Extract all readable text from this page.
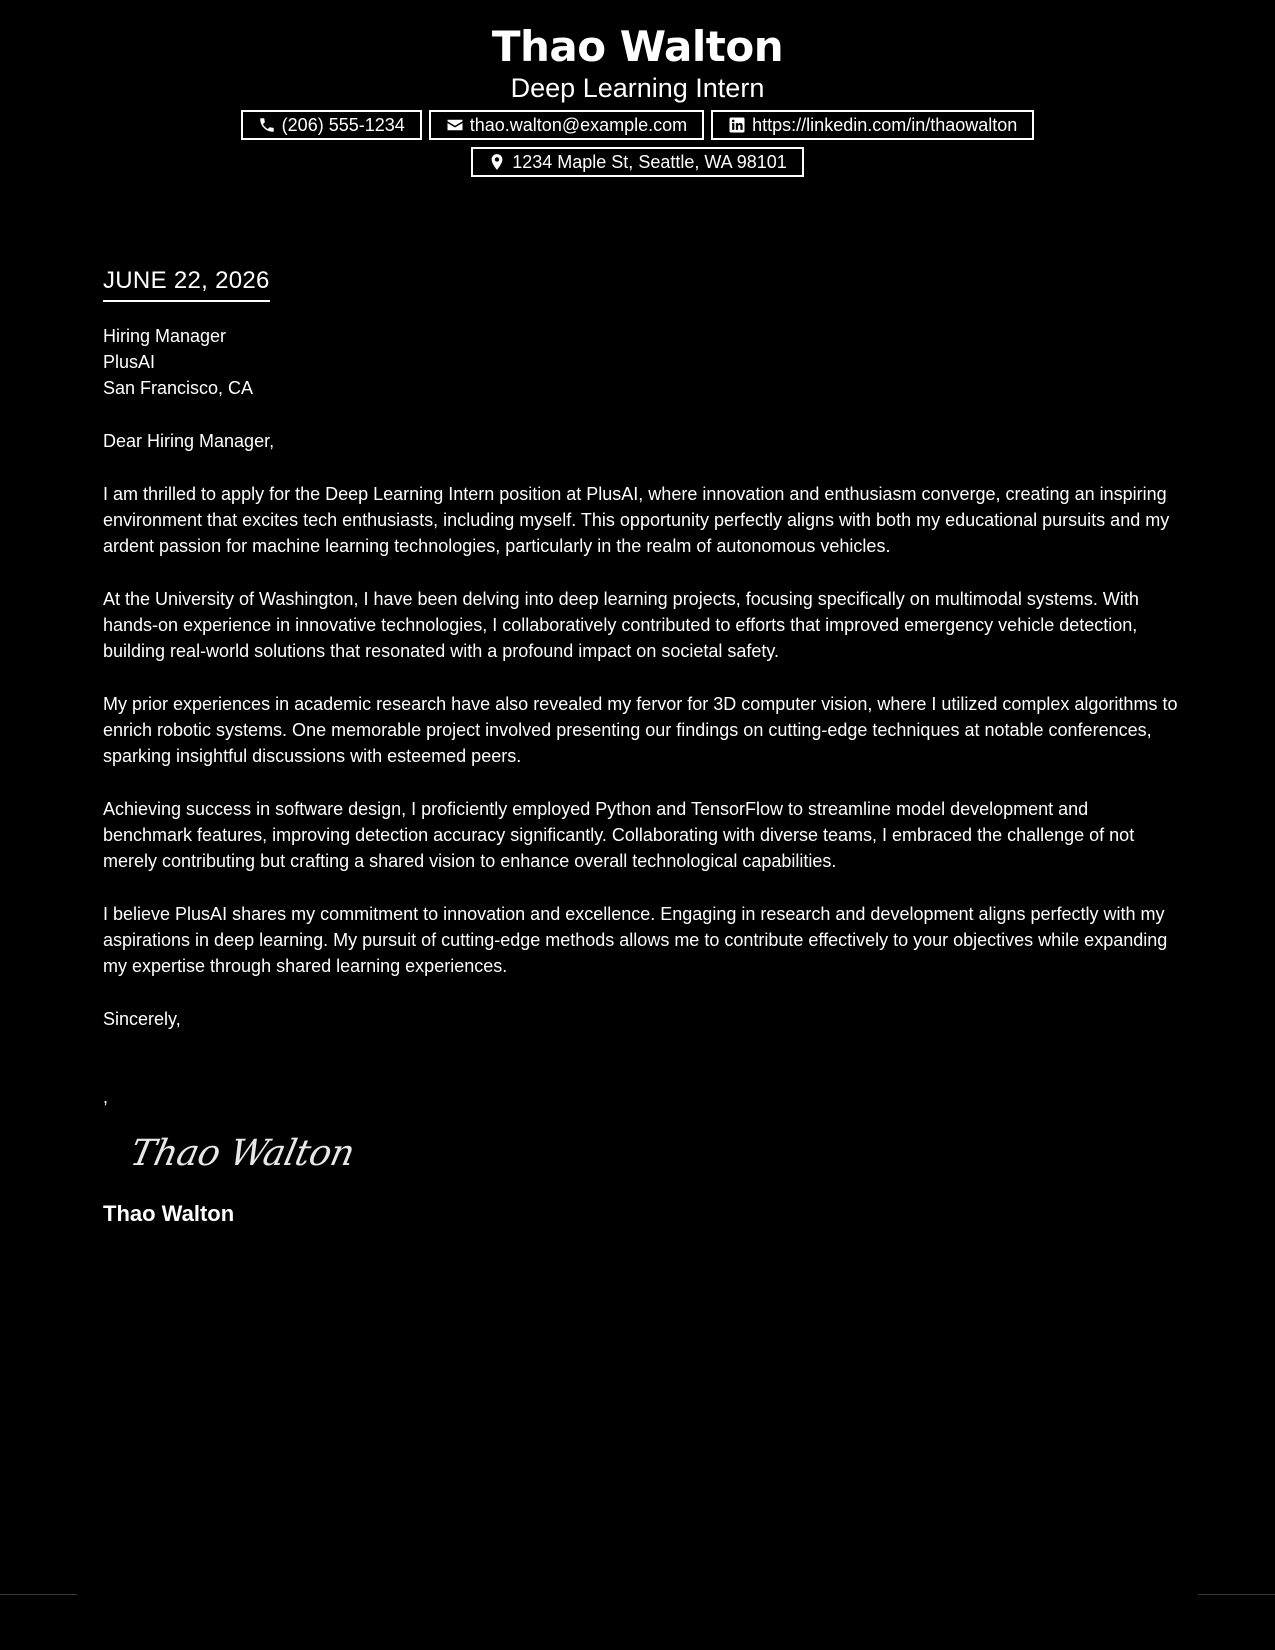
Thao Walton
Deep Learning Intern
(206) 555-1234	thao.walton@example.com	https://linkedin.com/in/thaowalton
1234 Maple St, Seattle, WA 98101
JUNE 22, 2026
Hiring Manager
PlusAI
San Francisco, CA
Dear Hiring Manager,
I am thrilled to apply for the Deep Learning Intern position at PlusAI, where innovation and enthusiasm converge, creating an inspiring environment that excites tech enthusiasts, including myself. This opportunity perfectly aligns with both my educational pursuits and my ardent passion for machine learning technologies, particularly in the realm of autonomous vehicles.
At the University of Washington, I have been delving into deep learning projects, focusing specifically on multimodal systems. With hands-on experience in innovative technologies, I collaboratively contributed to efforts that improved emergency vehicle detection, building real-world solutions that resonated with a profound impact on societal safety.
My prior experiences in academic research have also revealed my fervor for 3D computer vision, where I utilized complex algorithms to enrich robotic systems. One memorable project involved presenting our findings on cutting-edge techniques at notable conferences, sparking insightful discussions with esteemed peers.
Achieving success in software design, I proficiently employed Python and TensorFlow to streamline model development and benchmark features, improving detection accuracy significantly. Collaborating with diverse teams, I embraced the challenge of not merely contributing but crafting a shared vision to enhance overall technological capabilities.
I believe PlusAI shares my commitment to innovation and excellence. Engaging in research and development aligns perfectly with my aspirations in deep learning. My pursuit of cutting-edge methods allows me to contribute effectively to your objectives while expanding my expertise through shared learning experiences.
Sincerely,
,
Thao Walton
Thao Walton
